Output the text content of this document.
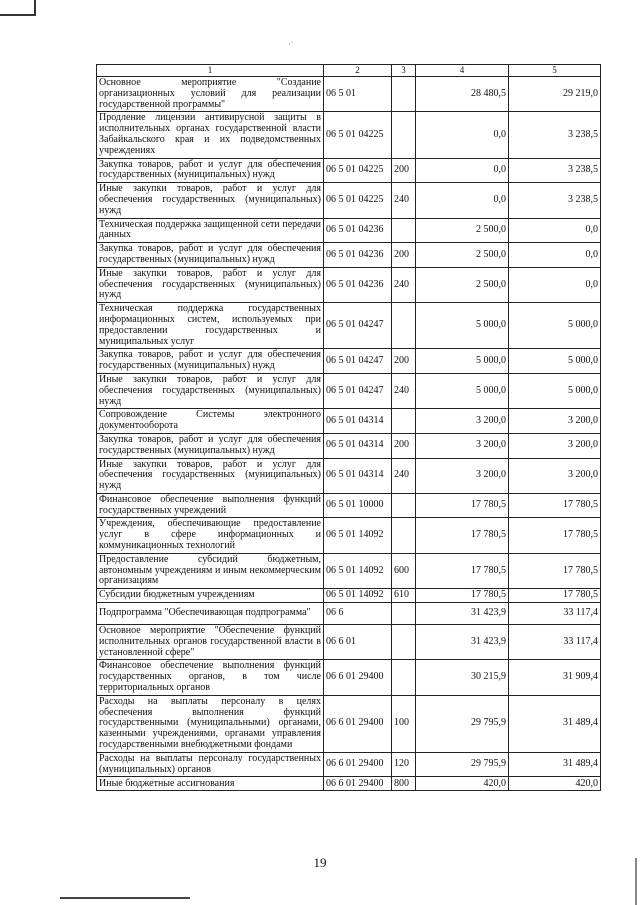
·˙
1	2	3	4	5
Основное мероприятие "Создание организационных условий для реализации государственной программы"	06 5 01		28 480,5	29 219,0
Продление лицензии антивирусной защиты в исполнительных органах государственной власти Забайкальского края и их подведомственных учреждениях	06 5 01 04225		0,0	3 238,5
Закупка товаров, работ и услуг для обеспечения государственных (муниципальных) нужд	06 5 01 04225	200	0,0	3 238,5
Иные закупки товаров, работ и услуг для обеспечения государственных (муниципальных) нужд	06 5 01 04225	240	0,0	3 238,5
Техническая поддержка защищенной сети передачи данных	06 5 01 04236		2 500,0	0,0
Закупка товаров, работ и услуг для обеспечения государственных (муниципальных) нужд	06 5 01 04236	200	2 500,0	0,0
Иные закупки товаров, работ и услуг для обеспечения государственных (муниципальных) нужд	06 5 01 04236	240	2 500,0	0,0
Техническая поддержка государственных информационных систем, используемых при предоставлении государственных и муниципальных услуг	06 5 01 04247		5 000,0	5 000,0
Закупка товаров, работ и услуг для обеспечения государственных (муниципальных) нужд	06 5 01 04247	200	5 000,0	5 000,0
Иные закупки товаров, работ и услуг для обеспечения государственных (муниципальных) нужд	06 5 01 04247	240	5 000,0	5 000,0
Сопровождение Системы электронного документооборота	06 5 01 04314		3 200,0	3 200,0
Закупка товаров, работ и услуг для обеспечения государственных (муниципальных) нужд	06 5 01 04314	200	3 200,0	3 200,0
Иные закупки товаров, работ и услуг для обеспечения государственных (муниципальных) нужд	06 5 01 04314	240	3 200,0	3 200,0
Финансовое обеспечение выполнения функций государственных учреждений	06 5 01 10000		17 780,5	17 780,5
Учреждения, обеспечивающие предоставление услуг в сфере информационных и коммуникационных технологий	06 5 01 14092		17 780,5	17 780,5
Предоставление субсидий бюджетным, автономным учреждениям и иным некоммерческим организациям	06 5 01 14092	600	17 780,5	17 780,5
Субсидии бюджетным учреждениям	06 5 01 14092	610	17 780,5	17 780,5
Подпрограмма "Обеспечивающая подпрограмма"	06 6		31 423,9	33 117,4
Основное мероприятие "Обеспечение функций исполнительных органов государственной власти в установленной сфере"	06 6 01		31 423,9	33 117,4
Финансовое обеспечение выполнения функций государственных органов, в том числе территориальных органов	06 6 01 29400		30 215,9	31 909,4
Расходы на выплаты персоналу в целях обеспечения выполнения функций государственными (муниципальными) органами, казенными учреждениями, органами управления государственными внебюджетными фондами	06 6 01 29400	100	29 795,9	31 489,4
Расходы на выплаты персоналу государственных (муниципальных) органов	06 6 01 29400	120	29 795,9	31 489,4
Иные бюджетные ассигнования	06 6 01 29400	800	420,0	420,0
19
